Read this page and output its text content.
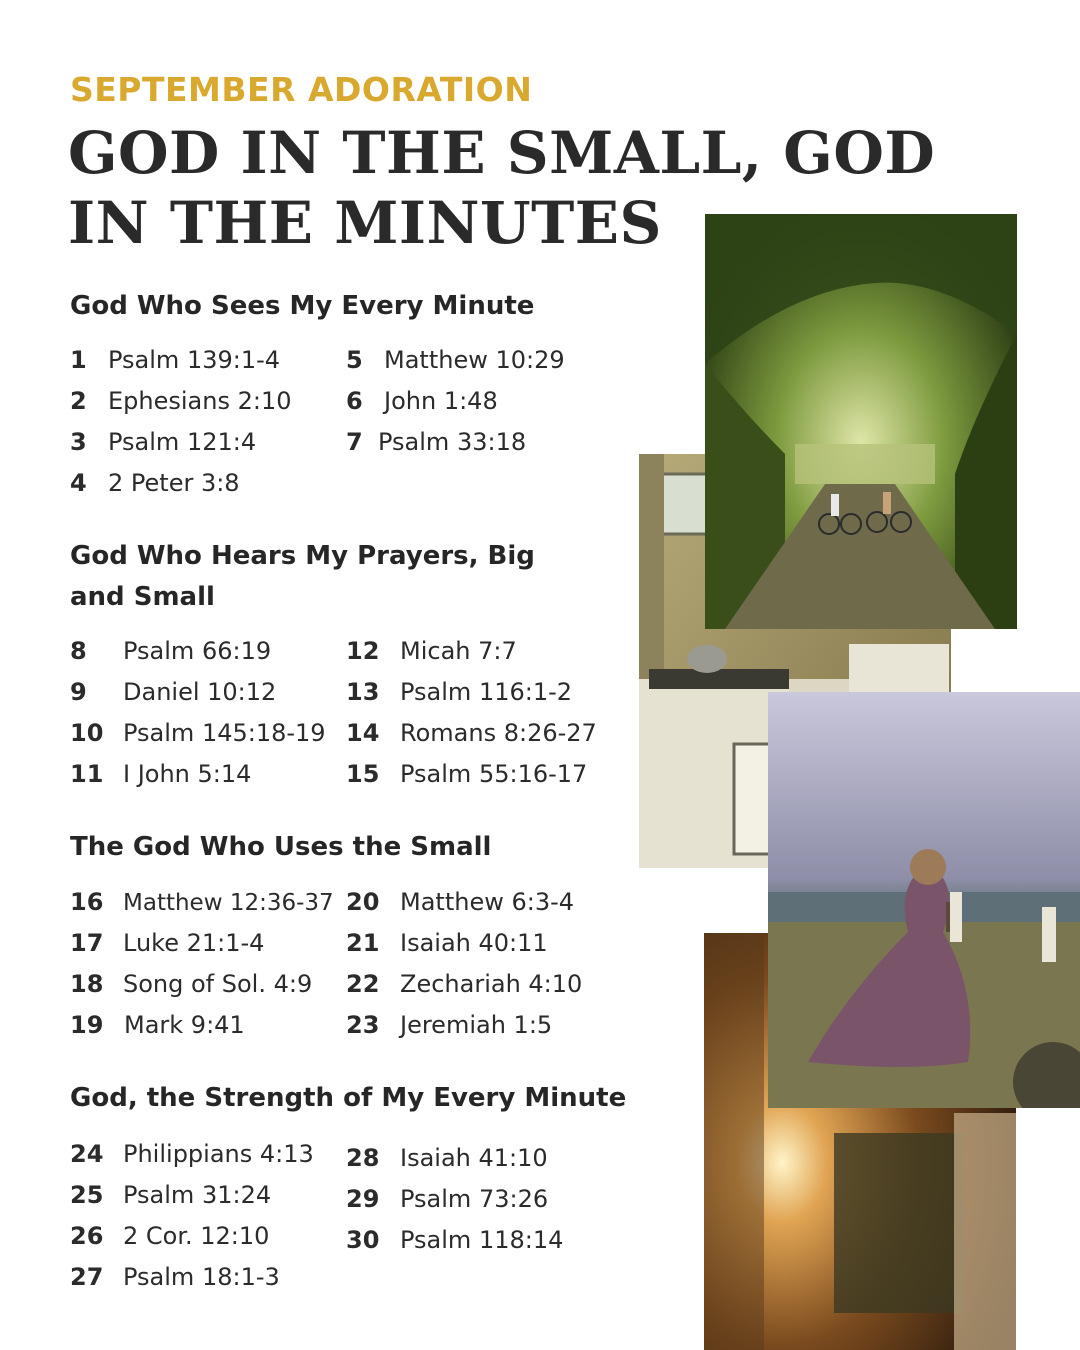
SEPTEMBER ADORATION
GOD IN THE SMALL, GOD IN THE MINUTES
God Who Sees My Every Minute
1 Psalm 139:1-4
2 Ephesians 2:10
3 Psalm 121:4
4 2 Peter 3:8
5 Matthew 10:29
6 John 1:48
7 Psalm 33:18
God Who Hears My Prayers, Big and Small
8 Psalm 66:19
9 Daniel 10:12
10 Psalm 145:18-19
11 I John 5:14
12 Micah 7:7
13 Psalm 116:1-2
14 Romans 8:26-27
15 Psalm 55:16-17
The God Who Uses the Small
16 Matthew 12:36-37
17 Luke 21:1-4
18 Song of Sol. 4:9
19 Mark 9:41
20 Matthew 6:3-4
21 Isaiah 40:11
22 Zechariah 4:10
23 Jeremiah 1:5
God, the Strength of My Every Minute
24 Philippians 4:13
25 Psalm 31:24
26 2 Cor. 12:10
27 Psalm 18:1-3
28 Isaiah 41:10
29 Psalm 73:26
30 Psalm 118:14
